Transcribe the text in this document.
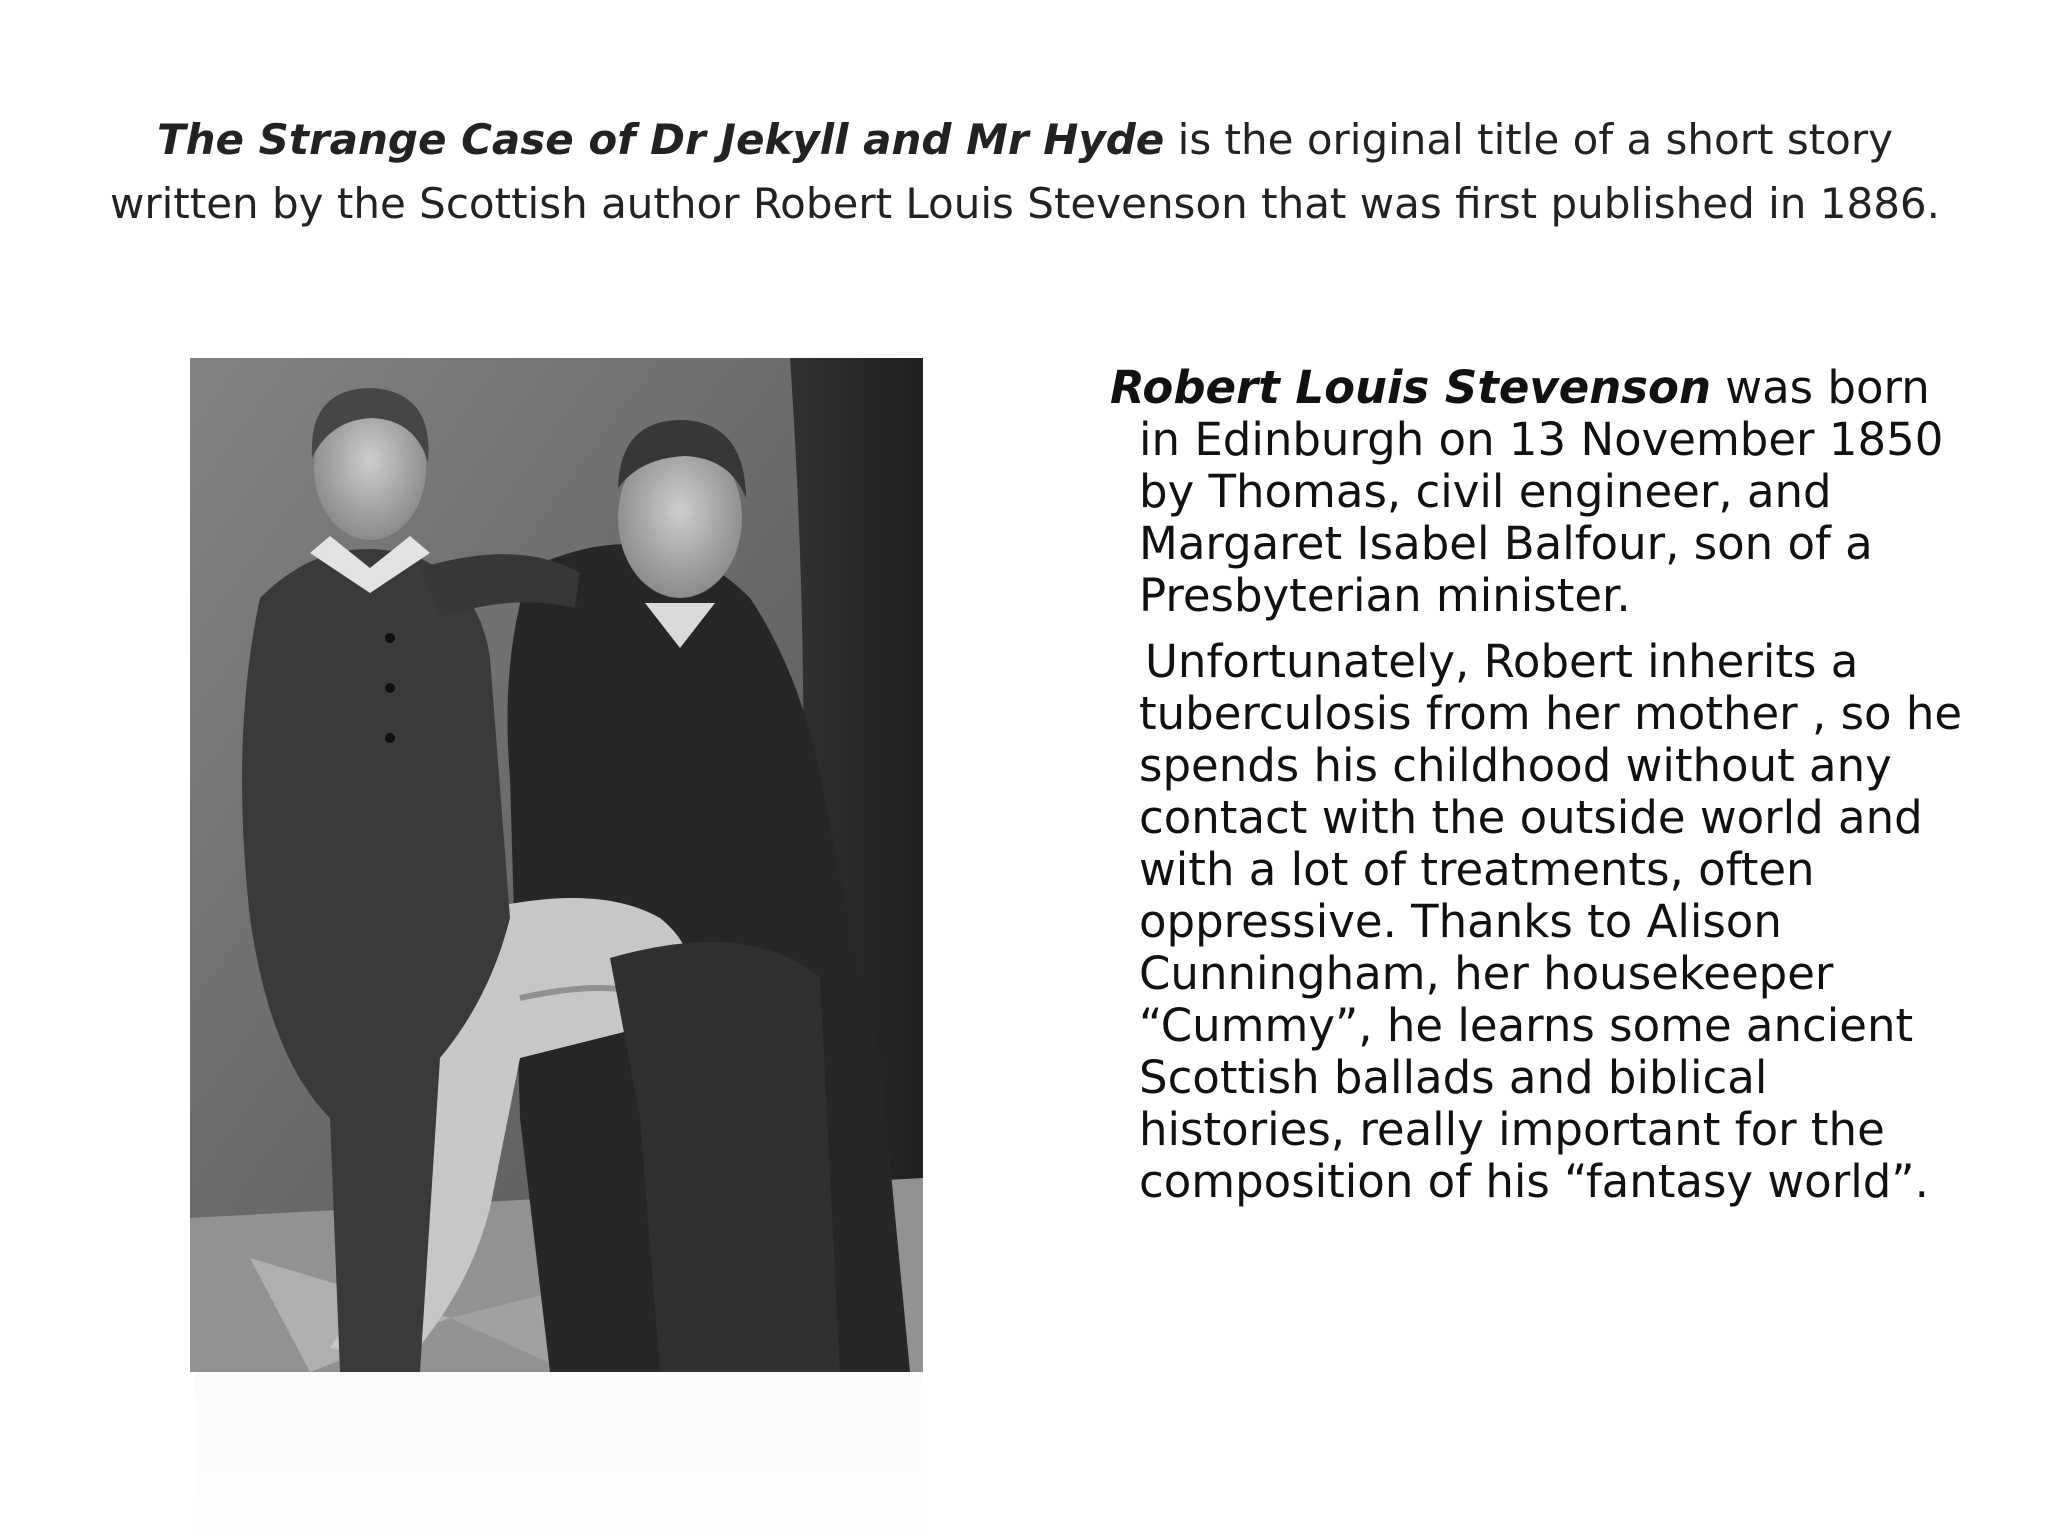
The Strange Case of Dr Jekyll and Mr Hyde is the original title of a short story written by the Scottish author Robert Louis Stevenson that was first published in 1886.

Robert Louis Stevenson was born in Edinburgh on 13 November 1850 by Thomas, civil engineer, and Margaret Isabel Balfour, son of a Presbyterian minister.

Unfortunately, Robert inherits a tuberculosis from her mother , so he spends his childhood without any contact with the outside world and with a lot of treatments, often oppressive. Thanks to Alison Cunningham, her housekeeper “Cummy”, he learns some ancient Scottish ballads and biblical histories, really important for the composition of his “fantasy world”.
